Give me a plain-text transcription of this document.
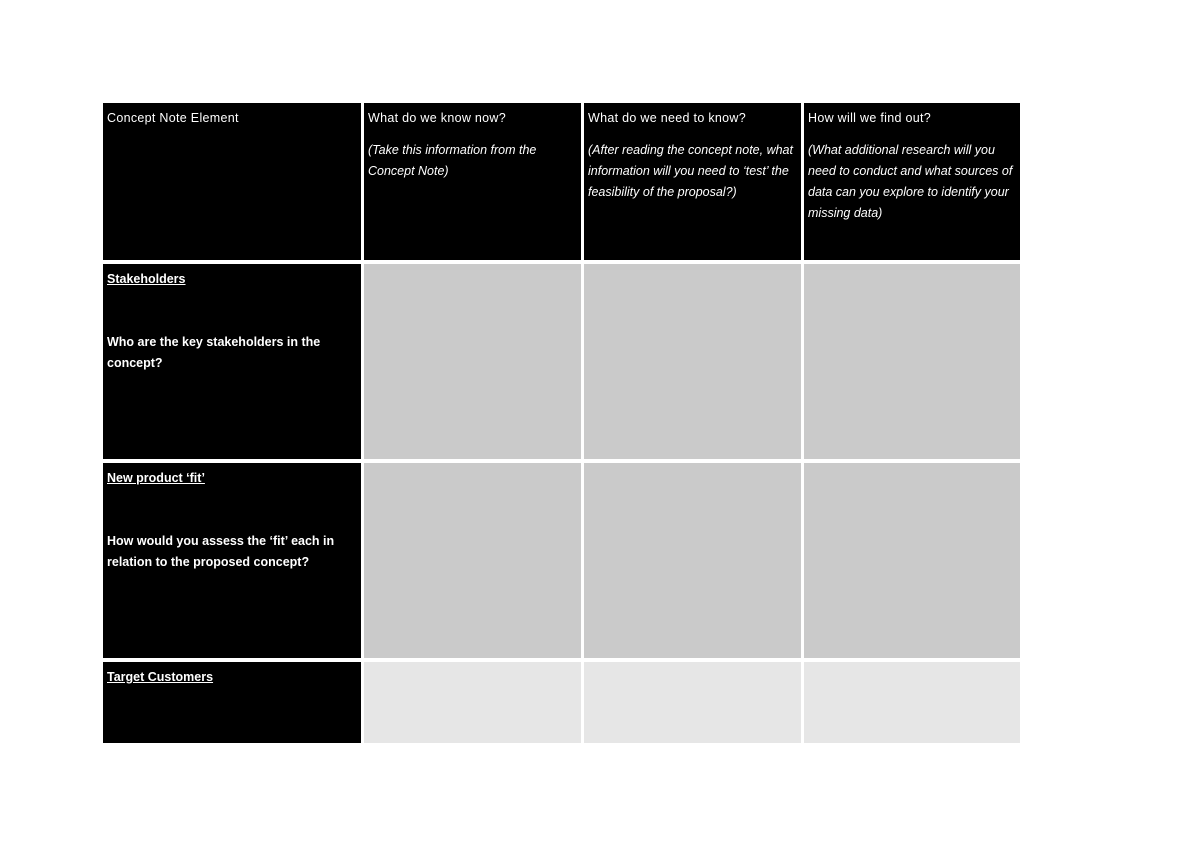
Concept Note Element	What do we know now?
(Take this information from the Concept Note)
What do we need to know?
(After reading the concept note, what information will you need to ‘test’ the feasibility of the proposal?)
How will we find out?
(What additional research will you need to conduct and what sources of data can you explore to identify your missing data)
Stakeholders
Who are the key stakeholders in the concept?
New product ‘fit’
How would you assess the ‘fit’ each in relation to the proposed concept?
Target Customers
